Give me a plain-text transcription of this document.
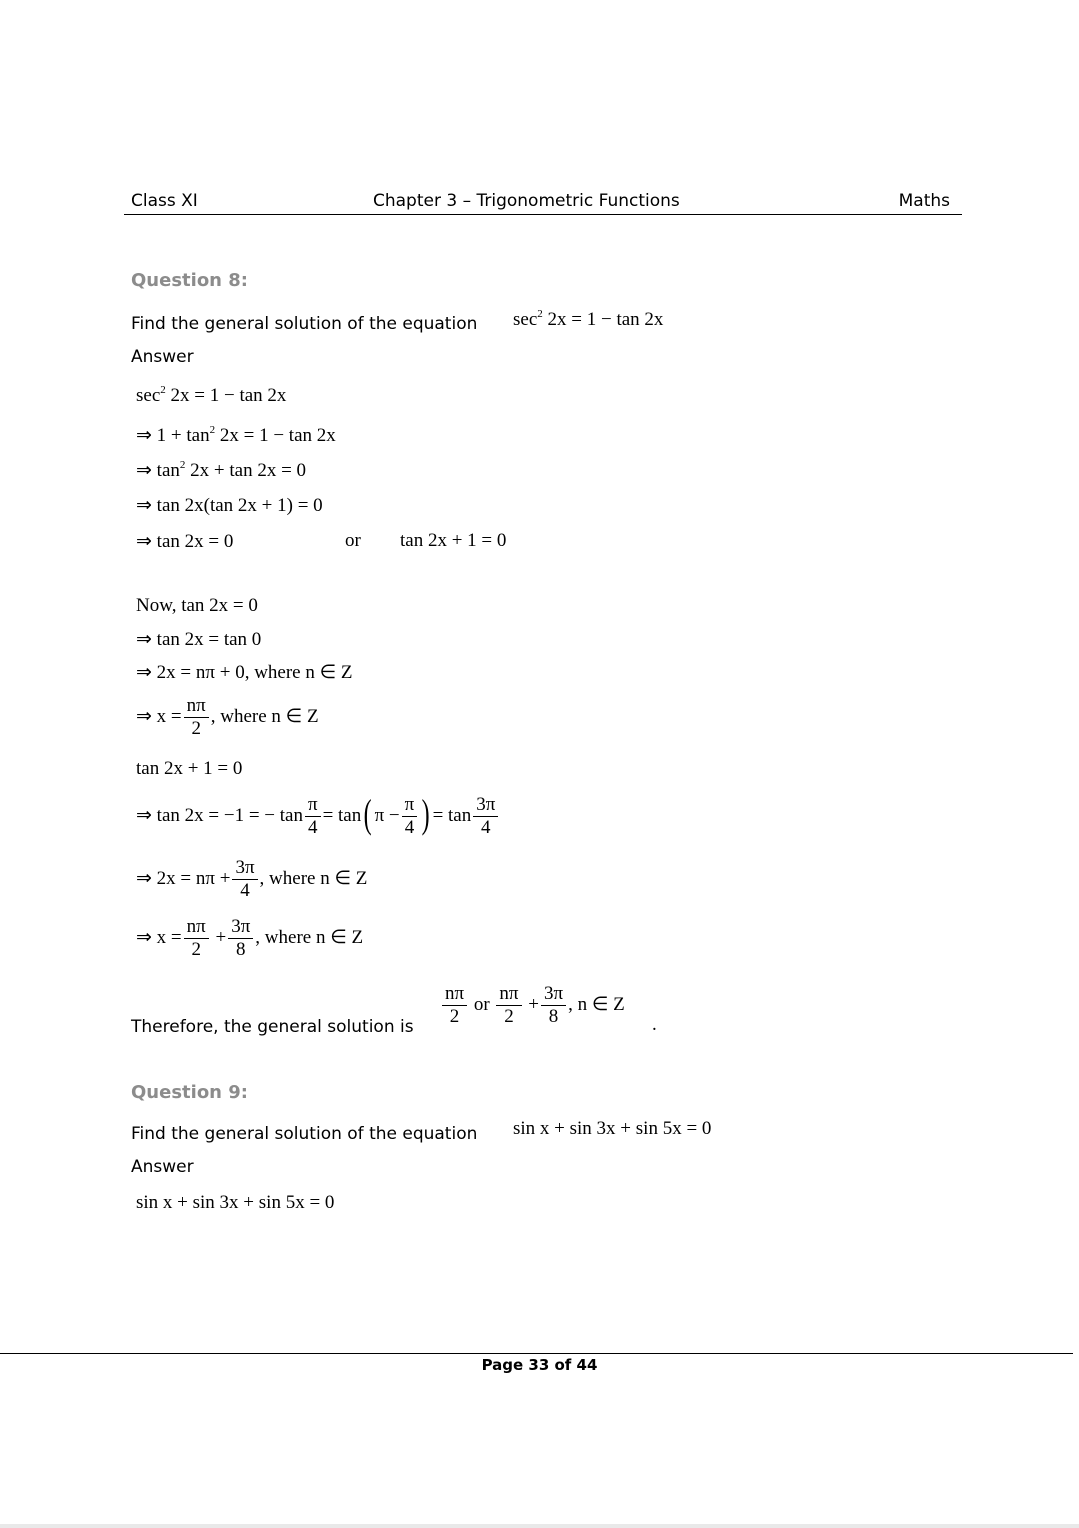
Class XI	Chapter 3 – Trigonometric Functions	Maths
Question 8:
Find the general solution of the equation $\sec^2 2x = 1 - \tan 2x$
Answer
$\sec^2 2x = 1 - \tan 2x$
⇒ $1 + \tan^2 2x = 1 - \tan 2x$
⇒ $\tan^2 2x + \tan 2x = 0$
⇒ tan 2x(tan 2x + 1) = 0
⇒ tan 2x = 0	or tan 2x + 1 = 0
Now, tan 2x = 0
⇒ tan 2x = tan 0
⇒ 2x = nπ + 0, where n ∈ Z
⇒ $x = \frac{n\pi}{2}$ , where n ∈ Z
tan 2x + 1 = 0
⇒ tan 2x = −1 = − $\tan \frac{\pi}{4} = \tan$( $\pi - \frac{\pi}{4}$ ) = $\tan \frac{3\pi}{4}$
⇒ $2x = n\pi + \frac{3\pi}{4}$ , where n ∈ Z
⇒ $x = \frac{n\pi}{2} + \frac{3\pi}{8}$ , where n ∈ Z
Therefore, the general solution is
$\frac{n\pi}{2}$ or $\frac{n\pi}{2} + \frac{3\pi}{8}$ , n ∈ Z
.
Question 9:
Find the general solution of the equation sin x + sin 3x + sin 5x = 0
Answer
sin x + sin 3x + sin 5x = 0
Page 33 of 44
